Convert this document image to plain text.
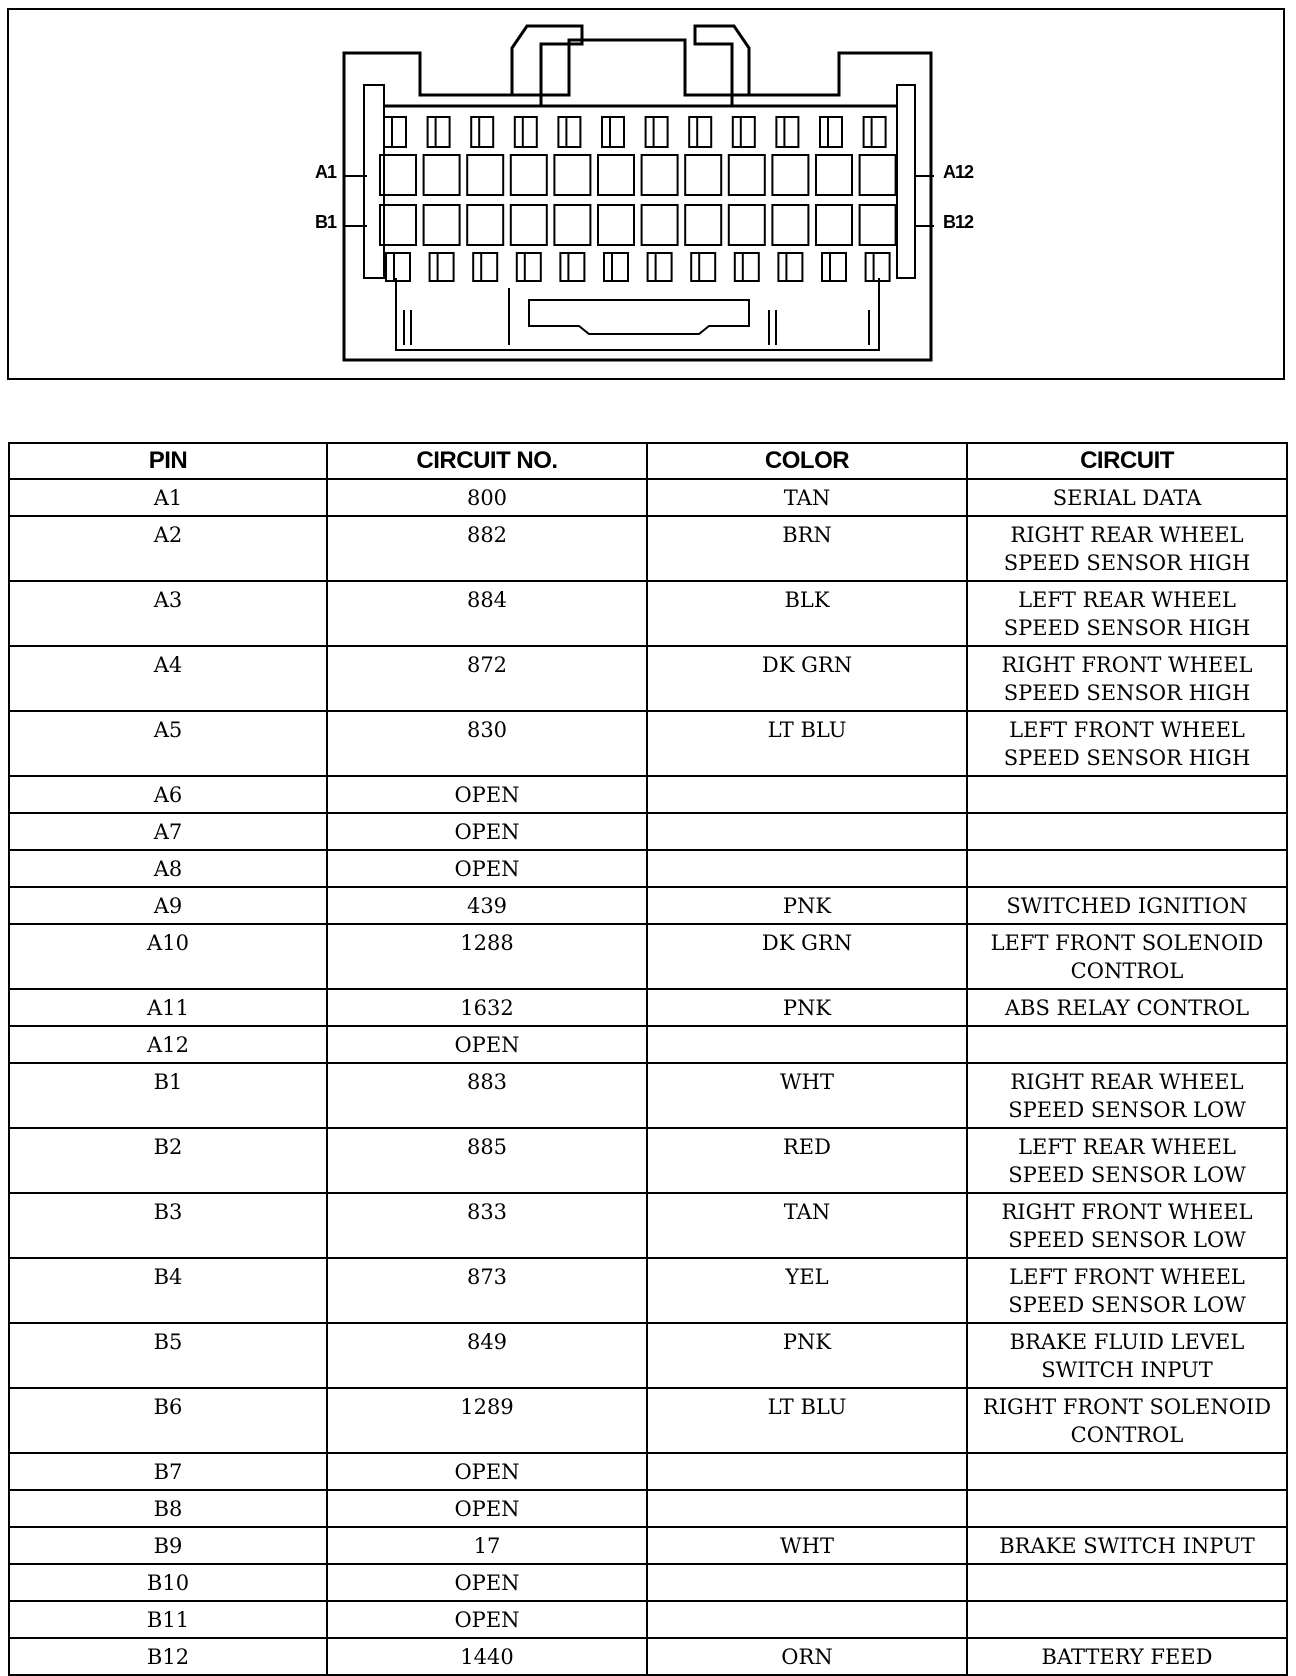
A1
B1
A12
B12
PIN	CIRCUIT NO.	COLOR	CIRCUIT

A1	800	TAN	SERIAL DATA

A2	882	BRN	RIGHT REAR WHEEL
SPEED SENSOR HIGH

A3	884	BLK	LEFT REAR WHEEL
SPEED SENSOR HIGH

A4	872	DK GRN	RIGHT FRONT WHEEL
SPEED SENSOR HIGH

A5	830	LT BLU	LEFT FRONT WHEEL
SPEED SENSOR HIGH

A6	OPEN		

A7	OPEN		

A8	OPEN		

A9	439	PNK	SWITCHED IGNITION

A10	1288	DK GRN	LEFT FRONT SOLENOID
CONTROL

A11	1632	PNK	ABS RELAY CONTROL

A12	OPEN		

B1	883	WHT	RIGHT REAR WHEEL
SPEED SENSOR LOW

B2	885	RED	LEFT REAR WHEEL
SPEED SENSOR LOW

B3	833	TAN	RIGHT FRONT WHEEL
SPEED SENSOR LOW

B4	873	YEL	LEFT FRONT WHEEL
SPEED SENSOR LOW

B5	849	PNK	BRAKE FLUID LEVEL
SWITCH INPUT

B6	1289	LT BLU	RIGHT FRONT SOLENOID
CONTROL

B7	OPEN		

B8	OPEN		

B9	17	WHT	BRAKE SWITCH INPUT

B10	OPEN		

B11	OPEN		

B12	1440	ORN	BATTERY FEED
